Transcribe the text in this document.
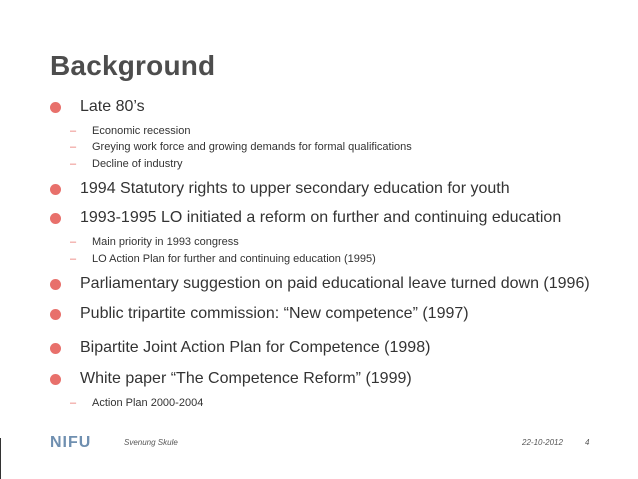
Background
Late 80’s
– Economic recession
– Greying work force and growing demands for formal qualifications
– Decline of industry
1994 Statutory rights to upper secondary education for youth
1993-1995 LO initiated a reform on further and continuing education
– Main priority in 1993 congress
– LO Action Plan for further and continuing education (1995)
Parliamentary suggestion on paid educational leave turned down (1996)
Public tripartite commission: “New competence” (1997)
Bipartite Joint Action Plan for Competence (1998)
White paper “The Competence Reform” (1999)
– Action Plan 2000-2004
NIFU	Svenung Skule	22-10-2012	4
